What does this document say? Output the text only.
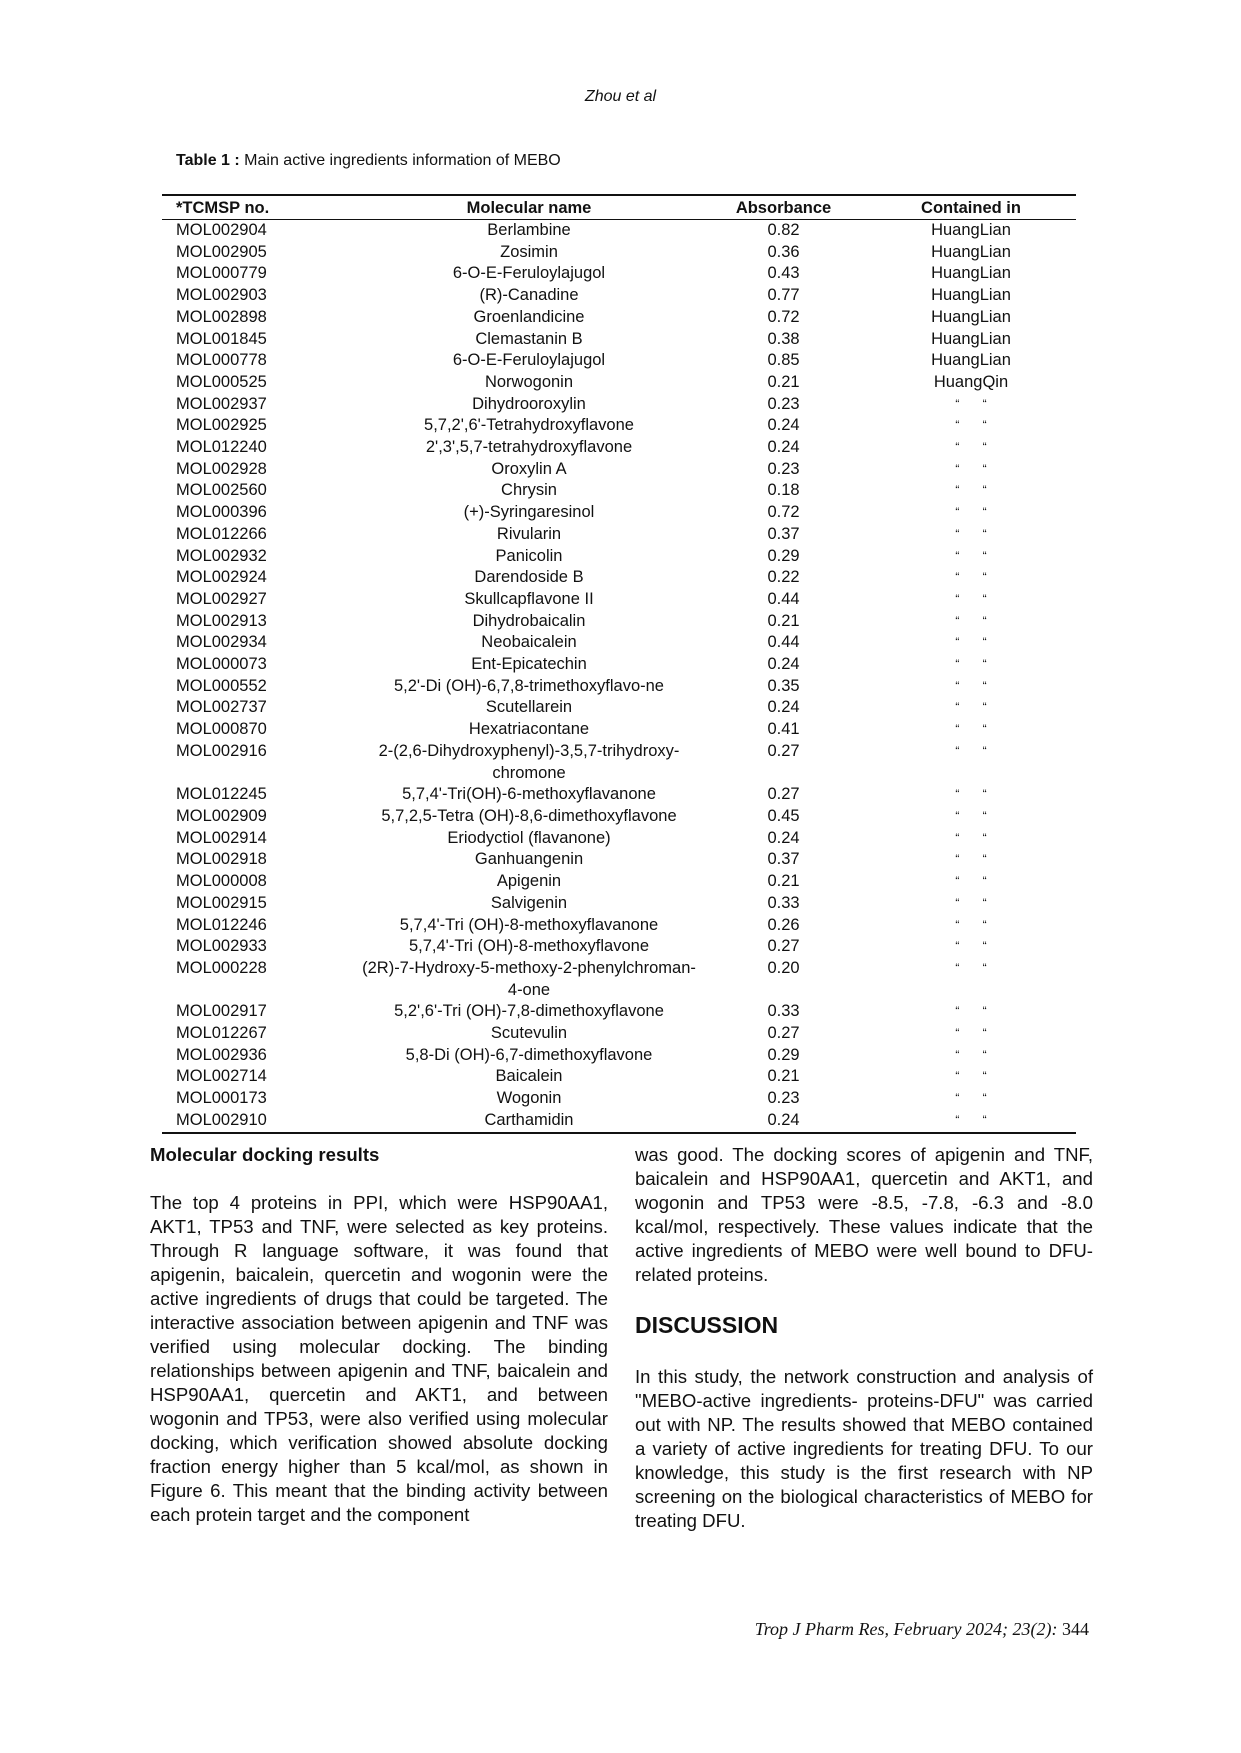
Zhou et al
Table 1 : Main active ingredients information of MEBO
*TCMSP no.	Molecular name	Absorbance	Contained in
MOL002904	Berlambine	0.82	HuangLian
MOL002905	Zosimin	0.36	HuangLian
MOL000779	6-O-E-Feruloylajugol	0.43	HuangLian
MOL002903	(R)-Canadine	0.77	HuangLian
MOL002898	Groenlandicine	0.72	HuangLian
MOL001845	Clemastanin B	0.38	HuangLian
MOL000778	6-O-E-Feruloylajugol	0.85	HuangLian
MOL000525	Norwogonin	0.21	HuangQin
MOL002937	Dihydrooroxylin	0.23	“ “
MOL002925	5,7,2',6'-Tetrahydroxyflavone	0.24	“ “
MOL012240	2',3',5,7-tetrahydroxyflavone	0.24	“ “
MOL002928	Oroxylin A	0.23	“ “
MOL002560	Chrysin	0.18	“ “
MOL000396	(+)-Syringaresinol	0.72	“ “
MOL012266	Rivularin	0.37	“ “
MOL002932	Panicolin	0.29	“ “
MOL002924	Darendoside B	0.22	“ “
MOL002927	Skullcapflavone II	0.44	“ “
MOL002913	Dihydrobaicalin	0.21	“ “
MOL002934	Neobaicalein	0.44	“ “
MOL000073	Ent-Epicatechin	0.24	“ “
MOL000552	5,2'-Di (OH)-6,7,8-trimethoxyflavo-ne	0.35	“ “
MOL002737	Scutellarein	0.24	“ “
MOL000870	Hexatriacontane	0.41	“ “
MOL002916	2-(2,6-Dihydroxyphenyl)-3,5,7-trihydroxy-chromone	0.27	“ “
MOL012245	5,7,4'-Tri(OH)-6-methoxyflavanone	0.27	“ “
MOL002909	5,7,2,5-Tetra (OH)-8,6-dimethoxyflavone	0.45	“ “
MOL002914	Eriodyctiol (flavanone)	0.24	“ “
MOL002918	Ganhuangenin	0.37	“ “
MOL000008	Apigenin	0.21	“ “
MOL002915	Salvigenin	0.33	“ “
MOL012246	5,7,4'-Tri (OH)-8-methoxyflavanone	0.26	“ “
MOL002933	5,7,4'-Tri (OH)-8-methoxyflavone	0.27	“ “
MOL000228	(2R)-7-Hydroxy-5-methoxy-2-phenylchroman-4-one	0.20	“ “
MOL002917	5,2',6'-Tri (OH)-7,8-dimethoxyflavone	0.33	“ “
MOL012267	Scutevulin	0.27	“ “
MOL002936	5,8-Di (OH)-6,7-dimethoxyflavone	0.29	“ “
MOL002714	Baicalein	0.21	“ “
MOL000173	Wogonin	0.23	“ “
MOL002910	Carthamidin	0.24	“ “

Molecular docking results

The top 4 proteins in PPI, which were HSP90AA1, AKT1, TP53 and TNF, were selected as key proteins. Through R language software, it was found that apigenin, baicalein, quercetin and wogonin were the active ingredients of drugs that could be targeted. The interactive association between apigenin and TNF was verified using molecular docking. The binding relationships between apigenin and TNF, baicalein and HSP90AA1, quercetin and AKT1, and between wogonin and TP53, were also verified using molecular docking, which verification showed absolute docking fraction energy higher than 5 kcal/mol, as shown in Figure 6. This meant that the binding activity between each protein target and the component

was good. The docking scores of apigenin and TNF, baicalein and HSP90AA1, quercetin and AKT1, and wogonin and TP53 were -8.5, -7.8, -6.3 and -8.0 kcal/mol, respectively. These values indicate that the active ingredients of MEBO were well bound to DFU-related proteins.

DISCUSSION

In this study, the network construction and analysis of "MEBO-active ingredients- proteins-DFU" was carried out with NP. The results showed that MEBO contained a variety of active ingredients for treating DFU. To our knowledge, this study is the first research with NP screening on the biological characteristics of MEBO for treating DFU.

Trop J Pharm Res, February 2024; 23(2): 344
